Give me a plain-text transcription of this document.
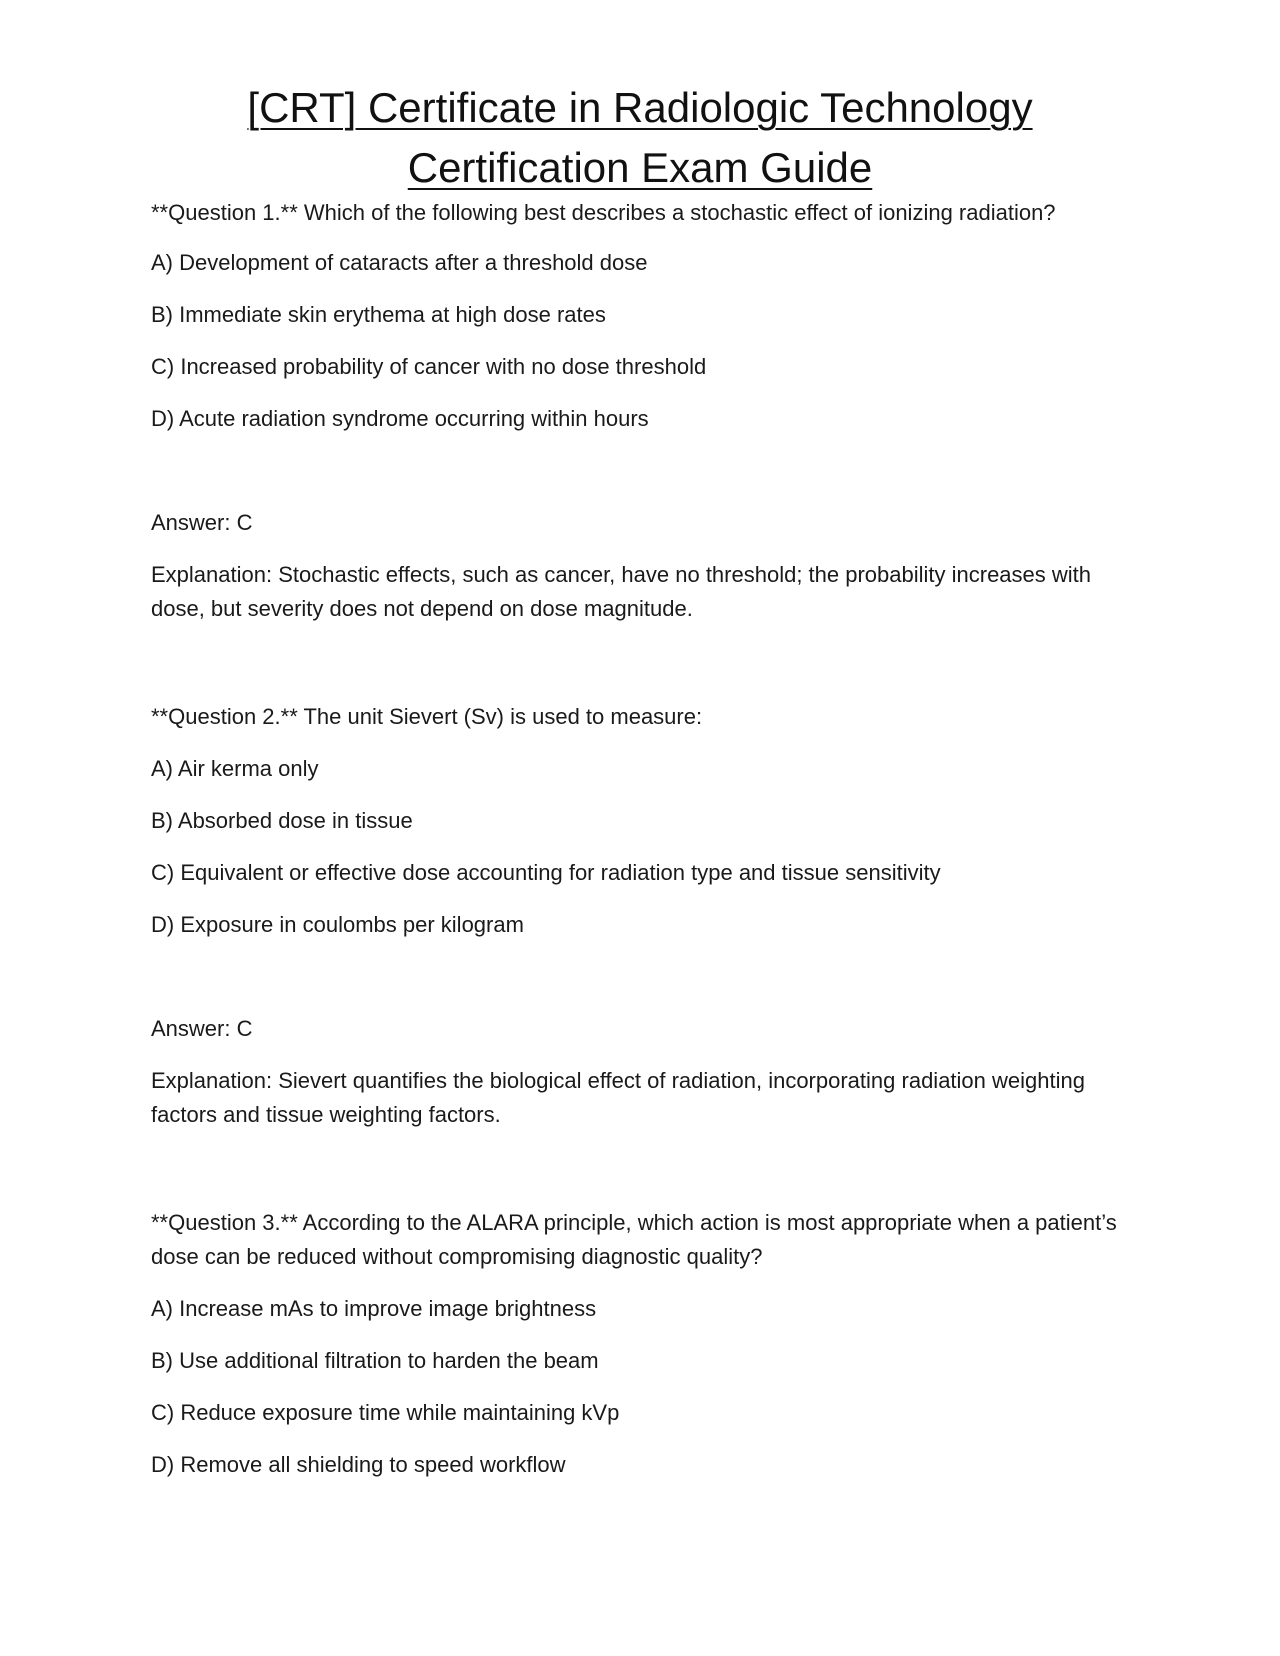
[CRT] Certificate in Radiologic Technology
Certification Exam Guide
**Question 1.** Which of the following best describes a stochastic effect of ionizing radiation?
A) Development of cataracts after a threshold dose
B) Immediate skin erythema at high dose rates
C) Increased probability of cancer with no dose threshold
D) Acute radiation syndrome occurring within hours
Answer: C
Explanation: Stochastic effects, such as cancer, have no threshold; the probability increases with dose, but severity does not depend on dose magnitude.
**Question 2.** The unit Sievert (Sv) is used to measure:
A) Air kerma only
B) Absorbed dose in tissue
C) Equivalent or effective dose accounting for radiation type and tissue sensitivity
D) Exposure in coulombs per kilogram
Answer: C
Explanation: Sievert quantifies the biological effect of radiation, incorporating radiation weighting factors and tissue weighting factors.
**Question 3.** According to the ALARA principle, which action is most appropriate when a patient’s dose can be reduced without compromising diagnostic quality?
A) Increase mAs to improve image brightness
B) Use additional filtration to harden the beam
C) Reduce exposure time while maintaining kVp
D) Remove all shielding to speed workflow
